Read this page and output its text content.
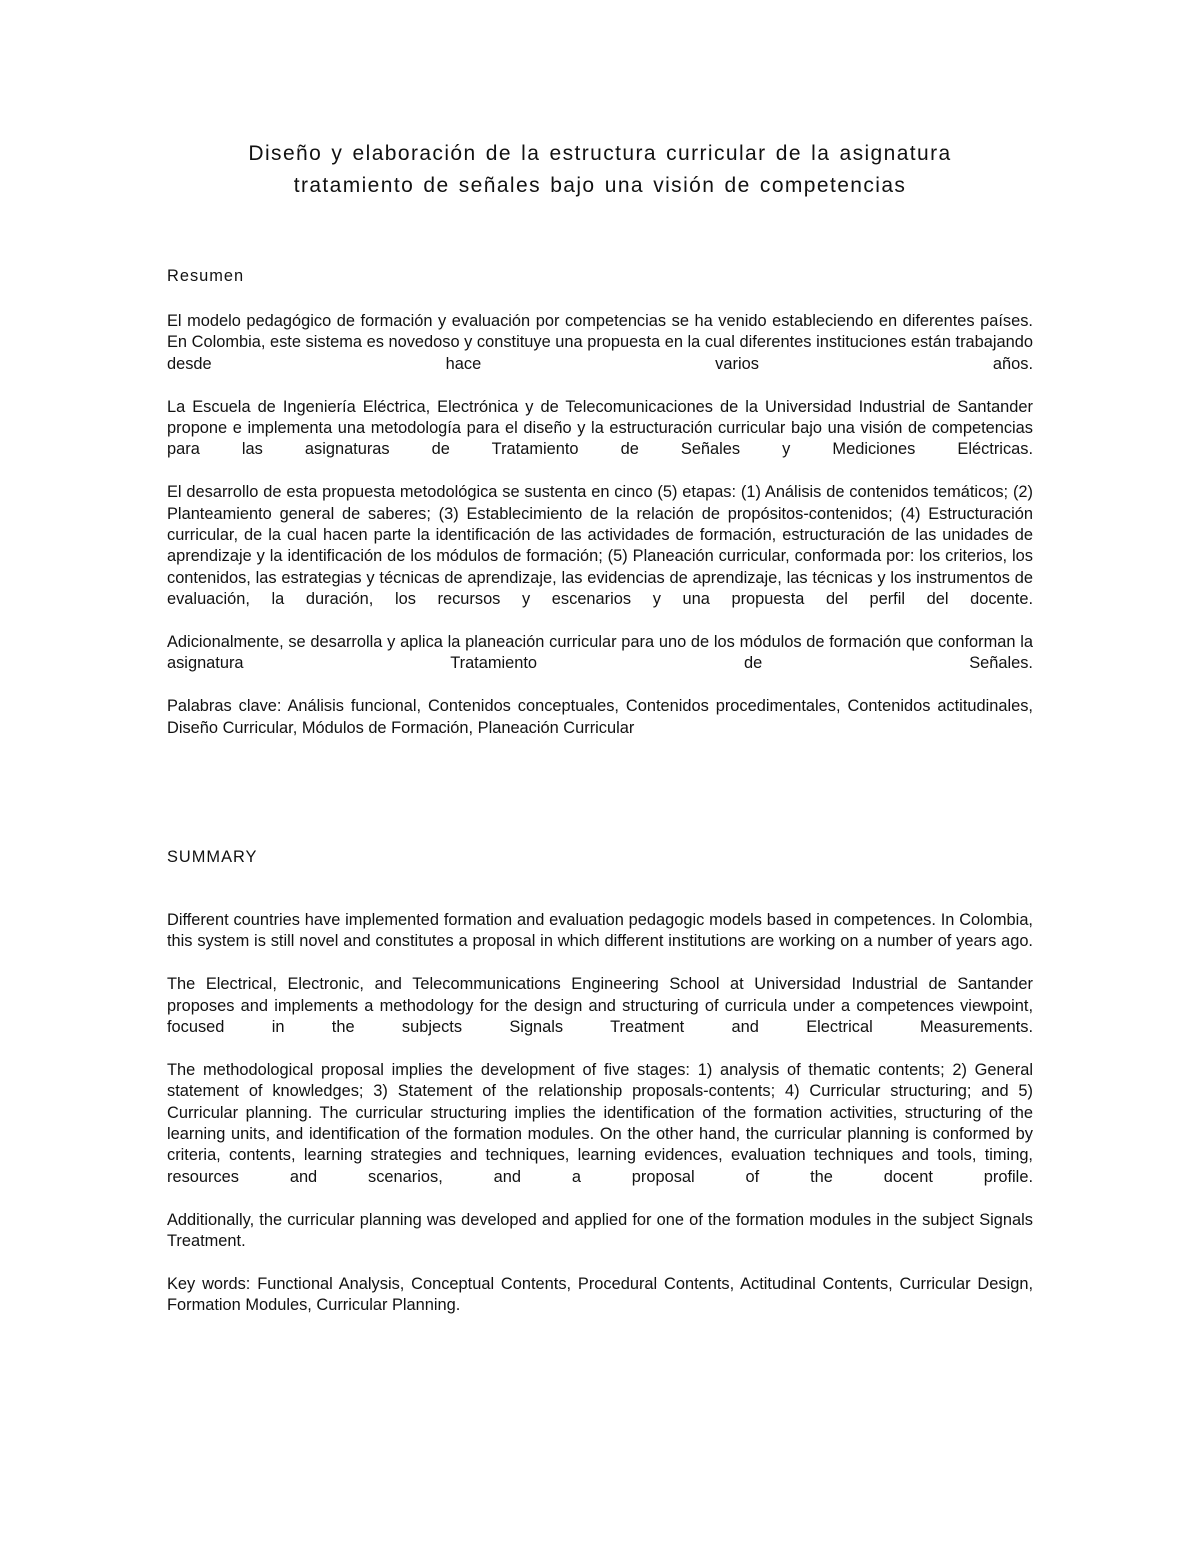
Diseño y elaboración de la estructura curricular de la asignatura
tratamiento de señales bajo una visión de competencias
Resumen

El modelo pedagógico de formación y evaluación por competencias se ha venido estableciendo en diferentes países. En Colombia, este sistema es novedoso y constituye una propuesta en la cual diferentes instituciones están trabajando desde hace varios años.

La Escuela de Ingeniería Eléctrica, Electrónica y de Telecomunicaciones de la Universidad Industrial de Santander propone e implementa una metodología para el diseño y la estructuración curricular bajo una visión de competencias para las asignaturas de Tratamiento de Señales y Mediciones Eléctricas.

El desarrollo de esta propuesta metodológica se sustenta en cinco (5) etapas: (1) Análisis de contenidos temáticos; (2) Planteamiento general de saberes; (3) Establecimiento de la relación de propósitos-contenidos; (4) Estructuración curricular, de la cual hacen parte la identificación de las actividades de formación, estructuración de las unidades de aprendizaje y la identificación de los módulos de formación; (5) Planeación curricular, conformada por: los criterios, los contenidos, las estrategias y técnicas de aprendizaje, las evidencias de aprendizaje, las técnicas y los instrumentos de evaluación, la duración, los recursos y escenarios y una propuesta del perfil del docente.

Adicionalmente, se desarrolla y aplica la planeación curricular para uno de los módulos de formación que conforman la asignatura Tratamiento de Señales.

Palabras clave: Análisis funcional, Contenidos conceptuales, Contenidos procedimentales, Contenidos actitudinales, Diseño Curricular, Módulos de Formación, Planeación Curricular

SUMMARY

Different countries have implemented formation and evaluation pedagogic models based in competences. In Colombia, this system is still novel and constitutes a proposal in which different institutions are working on a number of years ago.

The Electrical, Electronic, and Telecommunications Engineering School at Universidad Industrial de Santander proposes and implements a methodology for the design and structuring of curricula under a competences viewpoint, focused in the subjects Signals Treatment and Electrical Measurements.

The methodological proposal implies the development of five stages: 1) analysis of thematic contents; 2) General statement of knowledges; 3) Statement of the relationship proposals-contents; 4) Curricular structuring; and 5) Curricular planning. The curricular structuring implies the identification of the formation activities, structuring of the learning units, and identification of the formation modules. On the other hand, the curricular planning is conformed by criteria, contents, learning strategies and techniques, learning evidences, evaluation techniques and tools, timing, resources and scenarios, and a proposal of the docent profile.

Additionally, the curricular planning was developed and applied for one of the formation modules in the subject Signals Treatment.

Key words: Functional Analysis, Conceptual Contents, Procedural Contents, Actitudinal Contents, Curricular Design, Formation Modules, Curricular Planning.
